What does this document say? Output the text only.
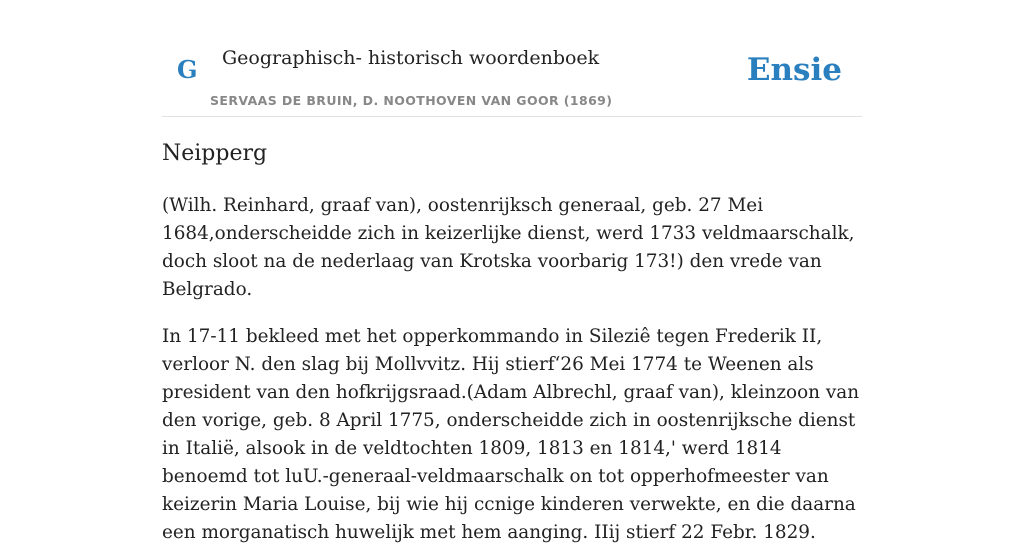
G Geographisch- historisch woordenboek
SERVAAS DE BRUIN, D. NOOTHOVEN VAN GOOR (1869)
Ensie
Neipperg

(Wilh. Reinhard, graaf van), oostenrijksch generaal, geb. 27 Mei 1684,onderscheidde zich in keizerlijke dienst, werd 1733 veldmaarschalk, doch sloot na de nederlaag van Krotska voorbarig 173!) den vrede van Belgrado.

In 17-11 bekleed met het opperkommando in Sileziê tegen Frederik II, verloor N. den slag bij Mollvvitz. Hij stierf‘26 Mei 1774 te Weenen als president van den hofkrijgsraad.(Adam Albrechl, graaf van), kleinzoon van den vorige, geb. 8 April 1775, onderscheidde zich in oostenrijksche dienst in Italië, alsook in de veldtochten 1809, 1813 en 1814,' werd 1814 benoemd tot luU.-generaal-veldmaarschalk on tot opperhofmeester van keizerin Maria Louise, bij wie hij ccnige kinderen verwekte, en die daarna een morganatisch huwelijk met hem aanging. IIij stierf 22 Febr. 1829.
